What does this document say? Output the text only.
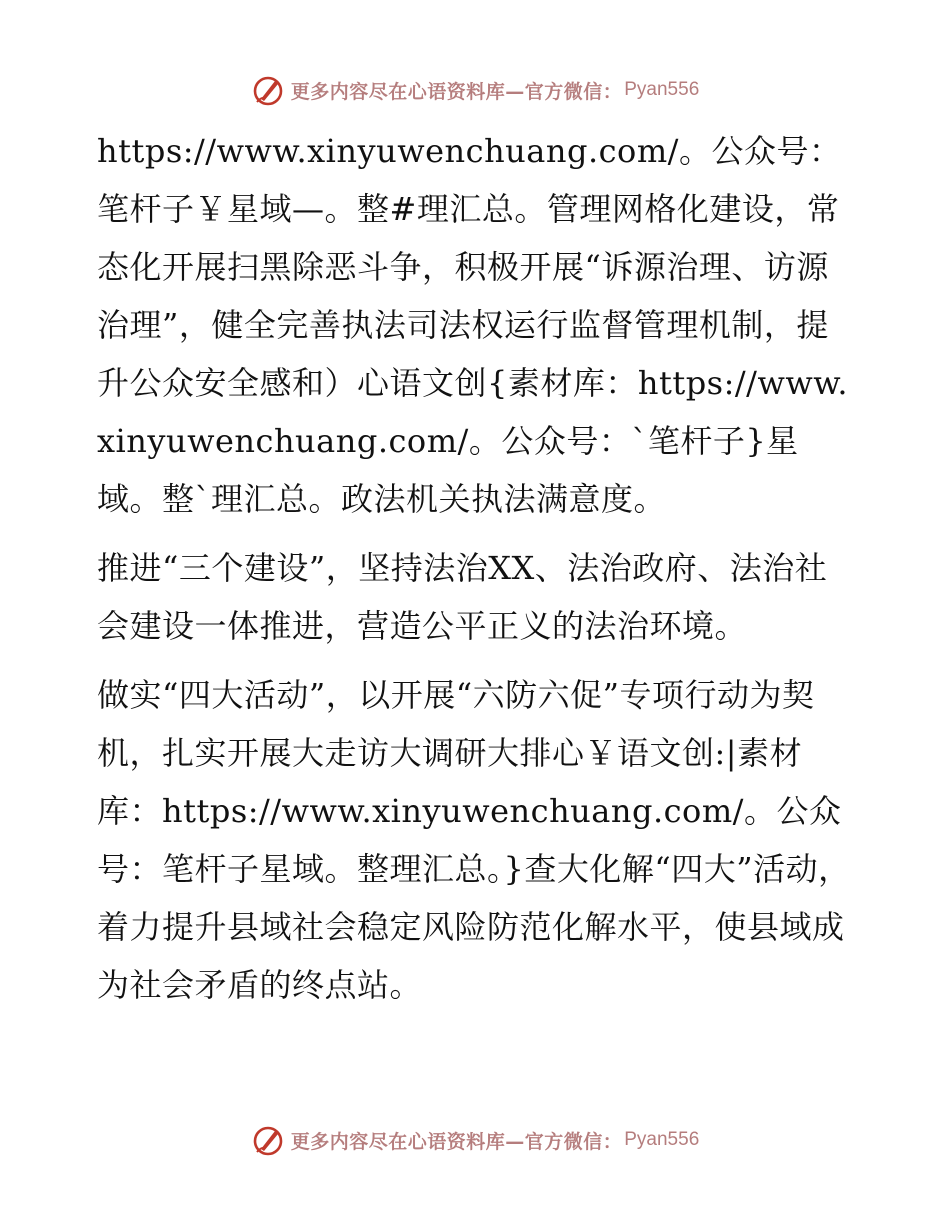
更多内容尽在心语资料库—官方微信： Pyan556

https://www.xinyuwenchuang.com/。公众号：笔杆子￥星域—。整#理汇总。管理网格化建设，常态化开展扫黑除恶斗争，积极开展“诉源治理、访源治理”，健全完善执法司法权运行监督管理机制，提升公众安全感和）心语文创{素材库：https://www.xinyuwenchuang.com/。公众号：`笔杆子}星域。整`理汇总。政法机关执法满意度。

推进“三个建设”，坚持法治XX、法治政府、法治社会建设一体推进，营造公平正义的法治环境。

做实“四大活动”，以开展“六防六促”专项行动为契机，扎实开展大走访大调研大排心￥语文创:|素材库：https://www.xinyuwenchuang.com/。公众号：笔杆子星域。整理汇总。}查大化解“四大”活动，着力提升县域社会稳定风险防范化解水平，使县域成为社会矛盾的终点站。

更多内容尽在心语资料库—官方微信： Pyan556
